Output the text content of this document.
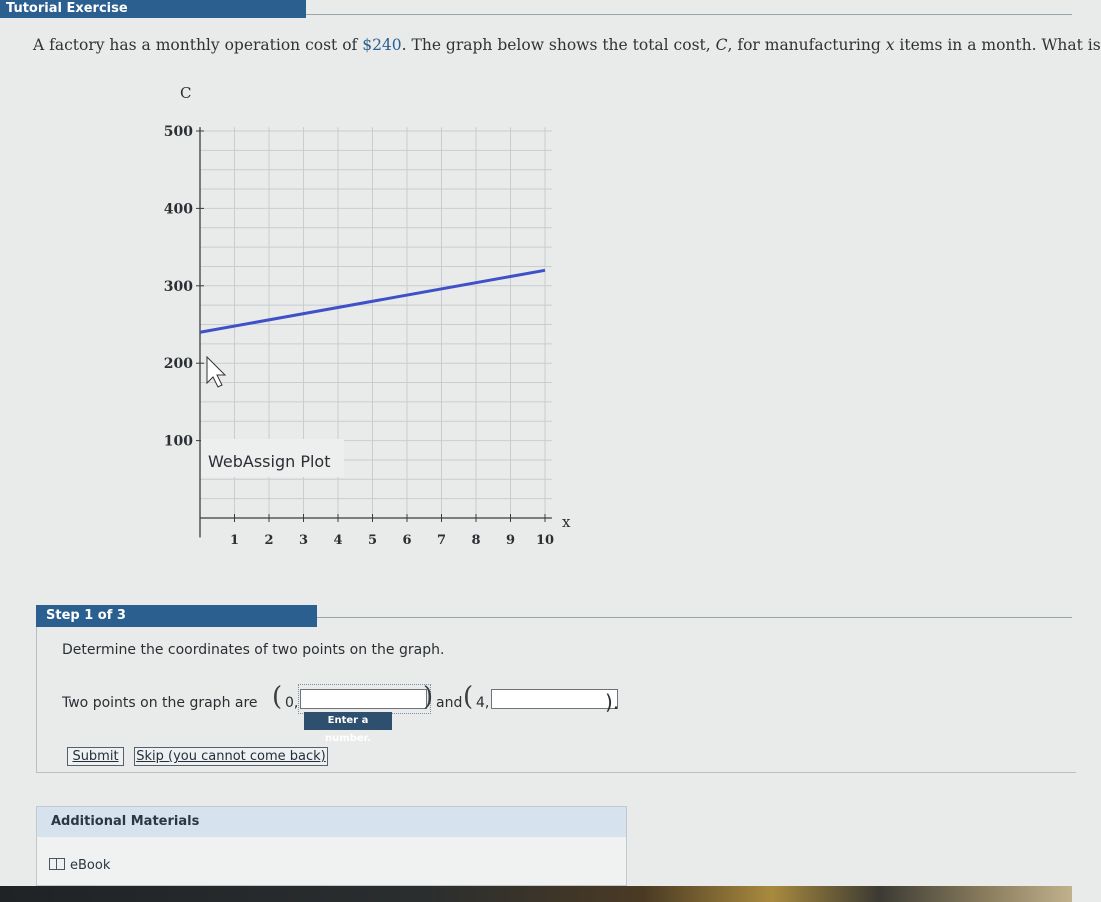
Tutorial Exercise
A factory has a monthly operation cost of $240. The graph below shows the total cost, C, for manufacturing x items in a month. What is
1 2 3 4 5 6 7 8 9 10
100
200
300
400
500
x
C
WebAssign Plot
Step 1 of 3
Determine the coordinates of two points on the graph.
Two points on the graph are ( 0,	) and ( 4,	).
Enter a number.
Submit	Skip (you cannot come back)
Additional Materials
eBook
